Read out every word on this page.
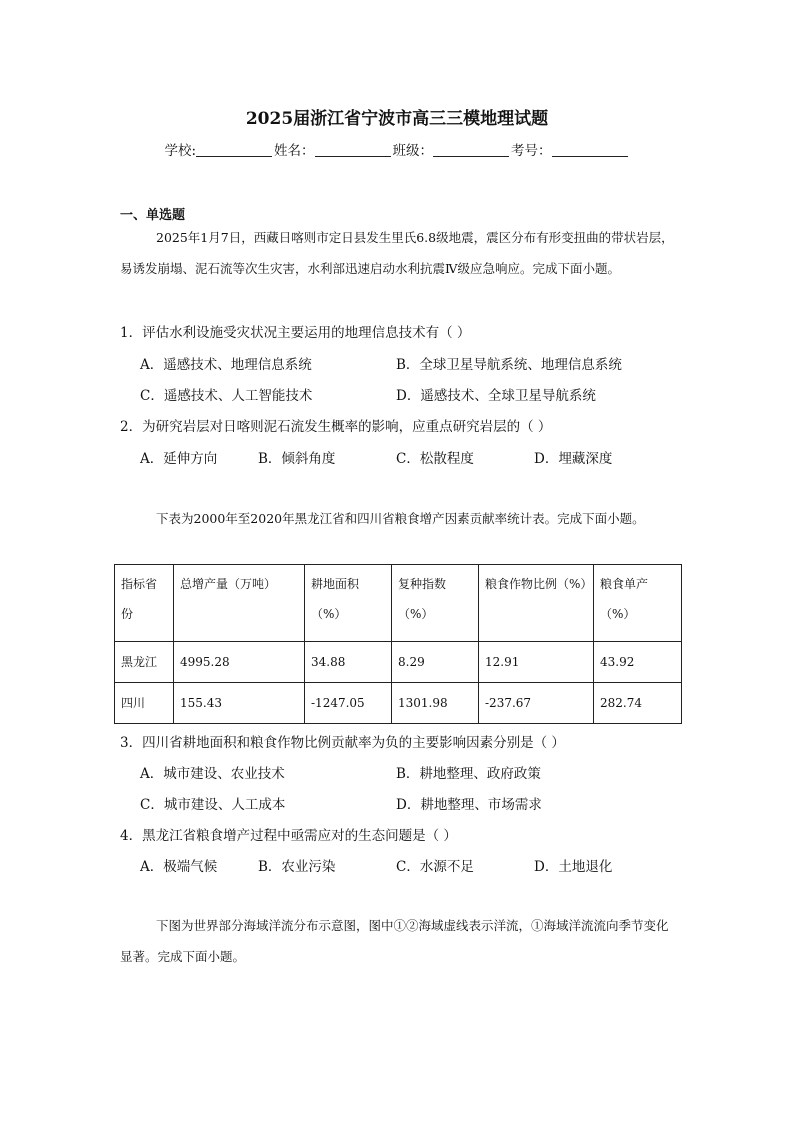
2025届浙江省宁波市高三三模地理试题
学校:	姓名：	班级：	考号：
一、单选题
2025年1月7日，西藏日喀则市定日县发生里氏6.8级地震，震区分布有形变扭曲的带状岩层，易诱发崩塌、泥石流等次生灾害，水利部迅速启动水利抗震Ⅳ级应急响应。完成下面小题。
1．评估水利设施受灾状况主要运用的地理信息技术有（ ）
A．遥感技术、地理信息系统	B．全球卫星导航系统、地理信息系统
C．遥感技术、人工智能技术	D．遥感技术、全球卫星导航系统
2．为研究岩层对日喀则泥石流发生概率的影响，应重点研究岩层的（ ）
A．延伸方向	B．倾斜角度	C．松散程度	D．埋藏深度
下表为2000年至2020年黑龙江省和四川省粮食增产因素贡献率统计表。完成下面小题。
指标省份	总增产量（万吨）	耕地面积（%）	复种指数（%）	粮食作物比例（%）	粮食单产（%）
黑龙江	4995.28	34.88	8.29	12.91	43.92
四川	155.43	-1247.05	1301.98	-237.67	282.74
3．四川省耕地面积和粮食作物比例贡献率为负的主要影响因素分别是（ ）
A．城市建设、农业技术	B．耕地整理、政府政策
C．城市建设、人工成本	D．耕地整理、市场需求
4．黑龙江省粮食增产过程中亟需应对的生态问题是（ ）
A．极端气候	B．农业污染	C．水源不足	D．土地退化
下图为世界部分海域洋流分布示意图，图中①②海域虚线表示洋流，①海域洋流流向季节变化显著。完成下面小题。
